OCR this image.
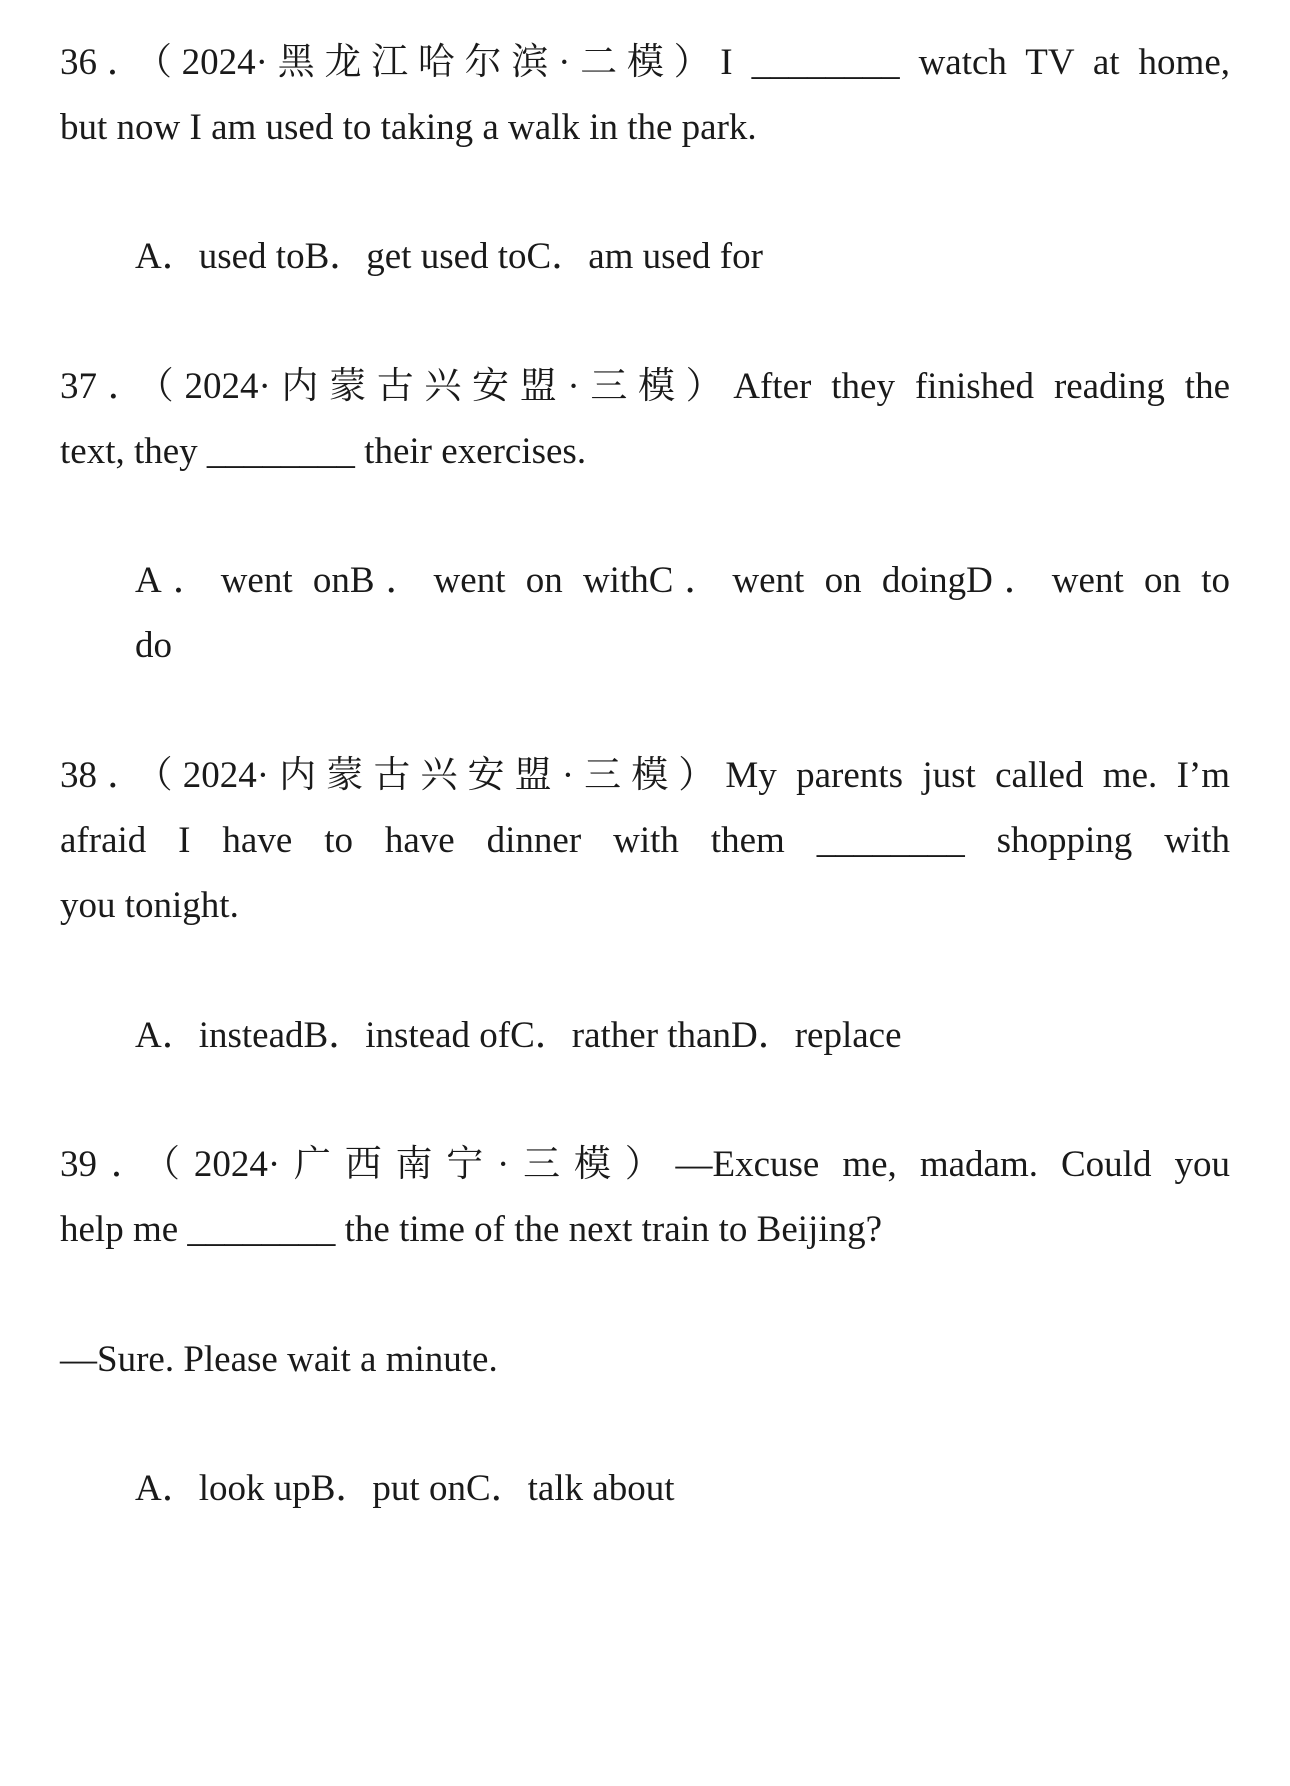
36．（2024·黑龙江哈尔滨·二模）I ________ watch TV at home,
but now I am used to taking a walk in the park.
A．used toB．get used toC．am used for
37．（2024·内蒙古兴安盟·三模）After they finished reading the
text, they ________ their exercises.
A．went onB．went on withC．went on doingD．went on to
do
38．（2024·内蒙古兴安盟·三模）My parents just called me. I’m
afraid I have to have dinner with them ________ shopping with
you tonight.
A．insteadB．instead ofC．rather thanD．replace
39．（2024·广西南宁·三模）—Excuse me, madam. Could you
help me ________ the time of the next train to Beijing?
—Sure. Please wait a minute.
A．look upB．put onC．talk about
